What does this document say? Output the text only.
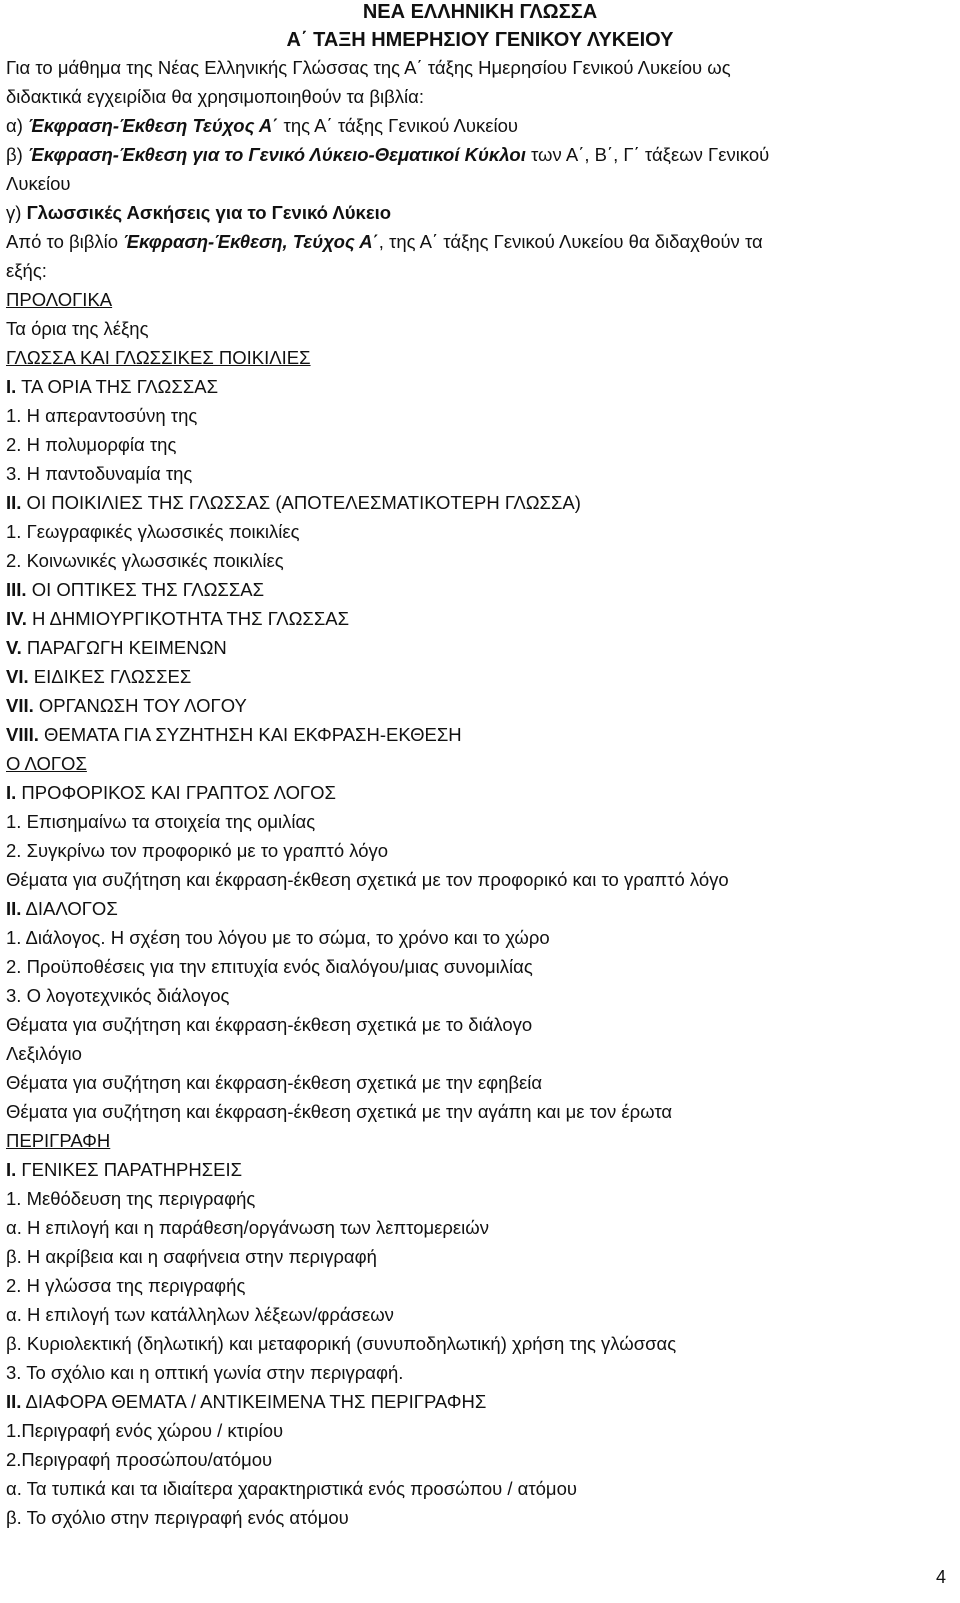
ΝΕΑ ΕΛΛΗΝΙΚΗ ΓΛΩΣΣΑ
Α΄ ΤΑΞΗ ΗΜΕΡΗΣΙΟΥ ΓΕΝΙΚΟΥ ΛΥΚΕΙΟΥ
Για το μάθημα της Νέας Ελληνικής Γλώσσας της Α΄ τάξης Ημερησίου Γενικού Λυκείου ως
διδακτικά εγχειρίδια θα χρησιμοποιηθούν τα βιβλία:
α) Έκφραση-Έκθεση Τεύχος Α΄ της Α΄ τάξης Γενικού Λυκείου
β) Έκφραση-Έκθεση για το Γενικό Λύκειο-Θεματικοί Κύκλοι των Α΄, Β΄, Γ΄ τάξεων Γενικού
Λυκείου
γ) Γλωσσικές Ασκήσεις για το Γενικό Λύκειο
Από το βιβλίο Έκφραση-Έκθεση, Τεύχος Α΄, της Α΄ τάξης Γενικού Λυκείου θα διδαχθούν τα
εξής:
ΠΡΟΛΟΓΙΚΑ
Τα όρια της λέξης
ΓΛΩΣΣΑ ΚΑΙ ΓΛΩΣΣΙΚΕΣ ΠΟΙΚΙΛΙΕΣ
Ι. ΤΑ ΟΡΙΑ ΤΗΣ ΓΛΩΣΣΑΣ
1. Η απεραντοσύνη της
2. Η πολυμορφία της
3. Η παντοδυναμία της
ΙΙ. ΟΙ ΠΟΙΚΙΛΙΕΣ ΤΗΣ ΓΛΩΣΣΑΣ (ΑΠΟΤΕΛΕΣΜΑΤΙΚΟΤΕΡΗ ΓΛΩΣΣΑ)
1. Γεωγραφικές γλωσσικές ποικιλίες
2. Κοινωνικές γλωσσικές ποικιλίες
ΙΙΙ. ΟΙ ΟΠΤΙΚΕΣ ΤΗΣ ΓΛΩΣΣΑΣ
ΙV. Η ΔΗΜΙΟΥΡΓΙΚΟΤΗΤΑ ΤΗΣ ΓΛΩΣΣΑΣ
V. ΠΑΡΑΓΩΓΗ ΚΕΙΜΕΝΩΝ
VI. ΕΙΔΙΚΕΣ ΓΛΩΣΣΕΣ
VII. ΟΡΓΑΝΩΣΗ ΤΟΥ ΛΟΓΟΥ
VIII. ΘΕΜΑΤΑ ΓΙΑ ΣΥΖΗΤΗΣΗ ΚΑΙ ΕΚΦΡΑΣΗ-ΕΚΘΕΣΗ
Ο ΛΟΓΟΣ
Ι. ΠΡΟΦΟΡΙΚΟΣ ΚΑΙ ΓΡΑΠΤΟΣ ΛΟΓΟΣ
1. Επισημαίνω τα στοιχεία της ομιλίας
2. Συγκρίνω τον προφορικό με το γραπτό λόγο
Θέματα για συζήτηση και έκφραση-έκθεση σχετικά με τον προφορικό και το γραπτό λόγο
ΙΙ. ΔΙΑΛΟΓΟΣ
1. Διάλογος. Η σχέση του λόγου με το σώμα, το χρόνο και το χώρο
2. Προϋποθέσεις για την επιτυχία ενός διαλόγου/μιας συνομιλίας
3. Ο λογοτεχνικός διάλογος
Θέματα για συζήτηση και έκφραση-έκθεση σχετικά με το διάλογο
Λεξιλόγιο
Θέματα για συζήτηση και έκφραση-έκθεση σχετικά με την εφηβεία
Θέματα για συζήτηση και έκφραση-έκθεση σχετικά με την αγάπη και με τον έρωτα
ΠΕΡΙΓΡΑΦΗ
Ι. ΓΕΝΙΚΕΣ ΠΑΡΑΤΗΡΗΣΕΙΣ
1. Μεθόδευση της περιγραφής
α. Η επιλογή και η παράθεση/οργάνωση των λεπτομερειών
β. Η ακρίβεια και η σαφήνεια στην περιγραφή
2. Η γλώσσα της περιγραφής
α. Η επιλογή των κατάλληλων λέξεων/φράσεων
β. Κυριολεκτική (δηλωτική) και μεταφορική (συνυποδηλωτική) χρήση της γλώσσας
3. Το σχόλιο και η οπτική γωνία στην περιγραφή.
ΙΙ. ΔΙΑΦΟΡΑ ΘΕΜΑΤΑ / ΑΝΤΙΚΕΙΜΕΝΑ ΤΗΣ ΠΕΡΙΓΡΑΦΗΣ
1.Περιγραφή ενός χώρου / κτιρίου
2.Περιγραφή προσώπου/ατόμου
α. Τα τυπικά και τα ιδιαίτερα χαρακτηριστικά ενός προσώπου / ατόμου
β. Το σχόλιο στην περιγραφή ενός ατόμου
4
